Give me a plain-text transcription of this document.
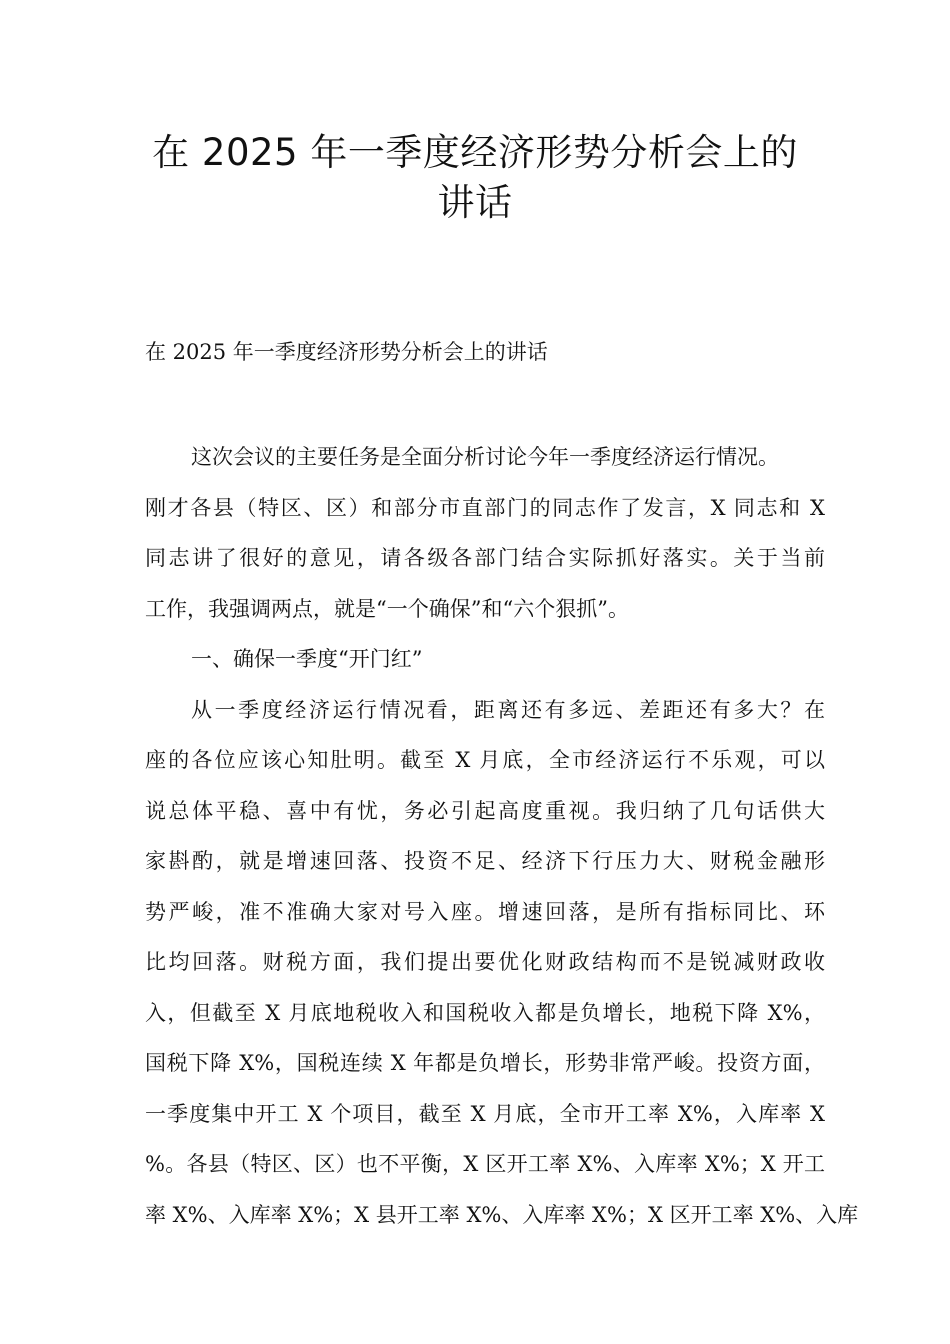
在 2025 年一季度经济形势分析会上的
讲话
在 2025 年一季度经济形势分析会上的讲话
这次会议的主要任务是全面分析讨论今年一季度经济运行情况。
刚才各县（特区、区）和部分市直部门的同志作了发言，X 同志和 X
同志讲了很好的意见，请各级各部门结合实际抓好落实。关于当前
工作，我强调两点，就是“一个确保”和“六个狠抓”。
一、确保一季度“开门红”
从一季度经济运行情况看，距离还有多远、差距还有多大？在
座的各位应该心知肚明。截至 X 月底，全市经济运行不乐观，可以
说总体平稳、喜中有忧，务必引起高度重视。我归纳了几句话供大
家斟酌，就是增速回落、投资不足、经济下行压力大、财税金融形
势严峻，准不准确大家对号入座。增速回落，是所有指标同比、环
比均回落。财税方面，我们提出要优化财政结构而不是锐减财政收
入，但截至 X 月底地税收入和国税收入都是负增长，地税下降 X%，
国税下降 X%，国税连续 X 年都是负增长，形势非常严峻。投资方面，
一季度集中开工 X 个项目，截至 X 月底，全市开工率 X%，入库率 X
%。各县（特区、区）也不平衡，X 区开工率 X%、入库率 X%；X 开工
率 X%、入库率 X%；X 县开工率 X%、入库率 X%；X 区开工率 X%、入库
